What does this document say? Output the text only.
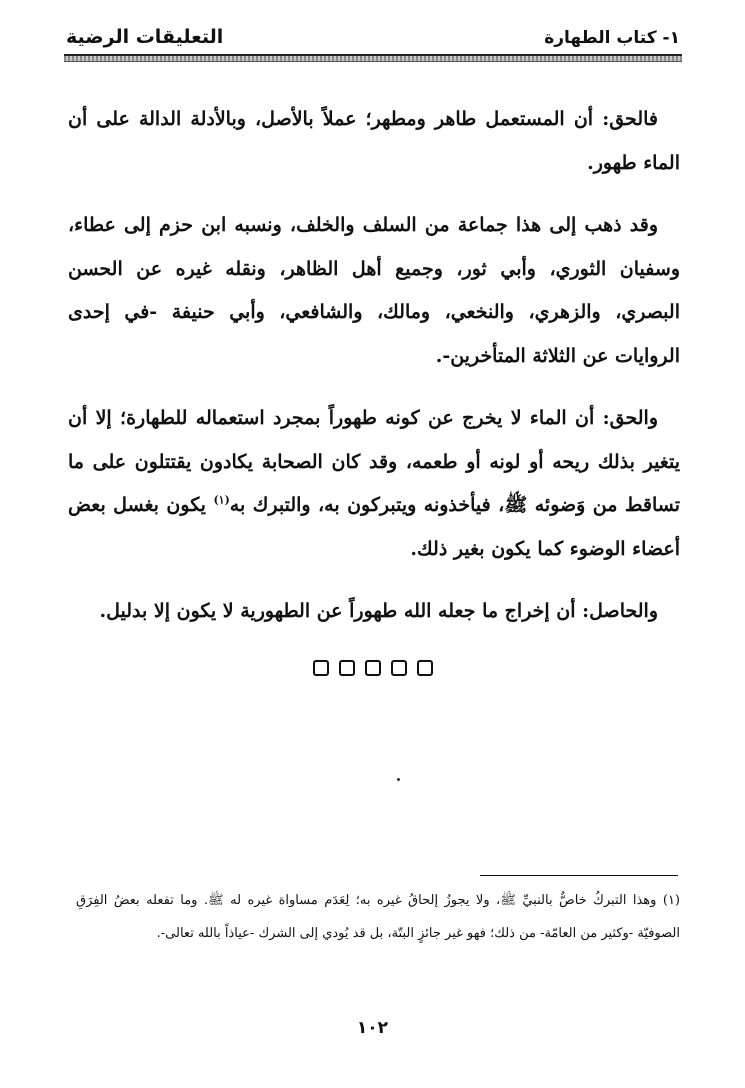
١- كتاب الطهارة
التعليقات الرضية

فالحق: أن المستعمل طاهر ومطهر؛ عملاً بالأصل، وبالأدلة الدالة على أن الماء طهور.

وقد ذهب إلى هذا جماعة من السلف والخلف، ونسبه ابن حزم إلى عطاء، وسفيان الثوري، وأبي ثور، وجميع أهل الظاهر، ونقله غيره عن الحسن البصري، والزهري، والنخعي، ومالك، والشافعي، وأبي حنيفة -في إحدى الروايات عن الثلاثة المتأخرين-.

والحق: أن الماء لا يخرج عن كونه طهوراً بمجرد استعماله للطهارة؛ إلا أن يتغير بذلك ريحه أو لونه أو طعمه، وقد كان الصحابة يكادون يقتتلون على ما تساقط من وَضوئه ﷺ، فيأخذونه ويتبركون به، والتبرك به$^{(١)}$ يكون بغسل بعض أعضاء الوضوء كما يكون بغير ذلك.

والحاصل: أن إخراج ما جعله الله طهوراً عن الطهورية لا يكون إلا بدليل.

(١) وهذا التبركُ خاصٌّ بالنبيِّ ﷺ، ولا يجوزُ إلحاقُ غيره به؛ لِعَدَم مساواة غيره له ﷺ. وما تفعله بعضُ الفِرَقِ الصوفيّة -وكثير من العامّة- من ذلك؛ فهو غير جائزٍ البتّة، بل قد يُودي إلى الشرك -عياذاً بالله تعالى-.

١٠٢
